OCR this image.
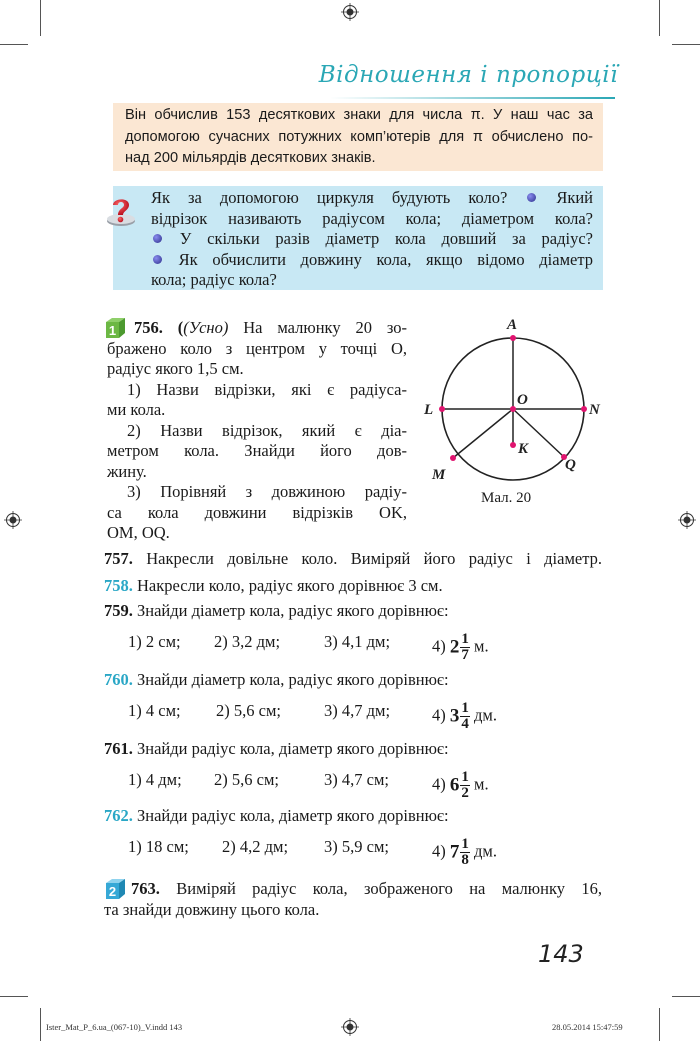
Відношення і пропорції
Він обчислив 153 десяткових знаки для числа π. У наш час за
допомогою сучасних потужних комп’ютерів для π обчислено по-
над 200 мільярдів десяткових знаків.
Як за допомогою циркуля будують коло?	Який
відрізок називають радіусом кола; діаметром кола?
У скільки разів діаметр кола довший за радіус?
Як обчислити довжину кола, якщо відомо діаметр
кола; радіус кола?
1	756. ((Усно) На малюнку 20 зо-
бражено коло з центром у точці O,
радіус якого 1,5 см.
1) Назви відрізки, які є радіуса-
ми кола.
2) Назви відрізок, який є діа-
метром кола. Знайди його дов-
жину.
3) Порівняй з довжиною радіу-
са кола довжини відрізків OK,
OM, OQ.
A
O
L	N
K
M
Q
Мал. 20
757. Накресли довільне коло. Виміряй його радіус і діаметр.
758. Накресли коло, радіус якого дорівнює 3 см.
759. Знайди діаметр кола, радіус якого дорівнює:
1) 2 см; 2) 3,2 дм;	3) 4,1 дм;	4) $2 \frac{1}{7} м$.
760. Знайди діаметр кола, радіус якого дорівнює:
1) 4 см; 2) 5,6 см;	3) 4,7 дм;	4) $3 \frac{1}{4}$ дм.
761. Знайди радіус кола, діаметр якого дорівнює:
1) 4 дм; 2) 5,6 см;	3) 4,7 см;	4) $6 \frac{1}{2} м$.
762. Знайди радіус кола, діаметр якого дорівнює:
1) 18 см; 2) 4,2 дм; 3) 5,9 см;	4) $7 \frac{1}{8}$ дм.
2 763. Виміряй радіус кола, зображеного на малюнку 16,
та знайди довжину цього кола.
143
Ister_Mat_P_6.ua_(067-10)_V.indd 143	28.05.2014 15:47:59
